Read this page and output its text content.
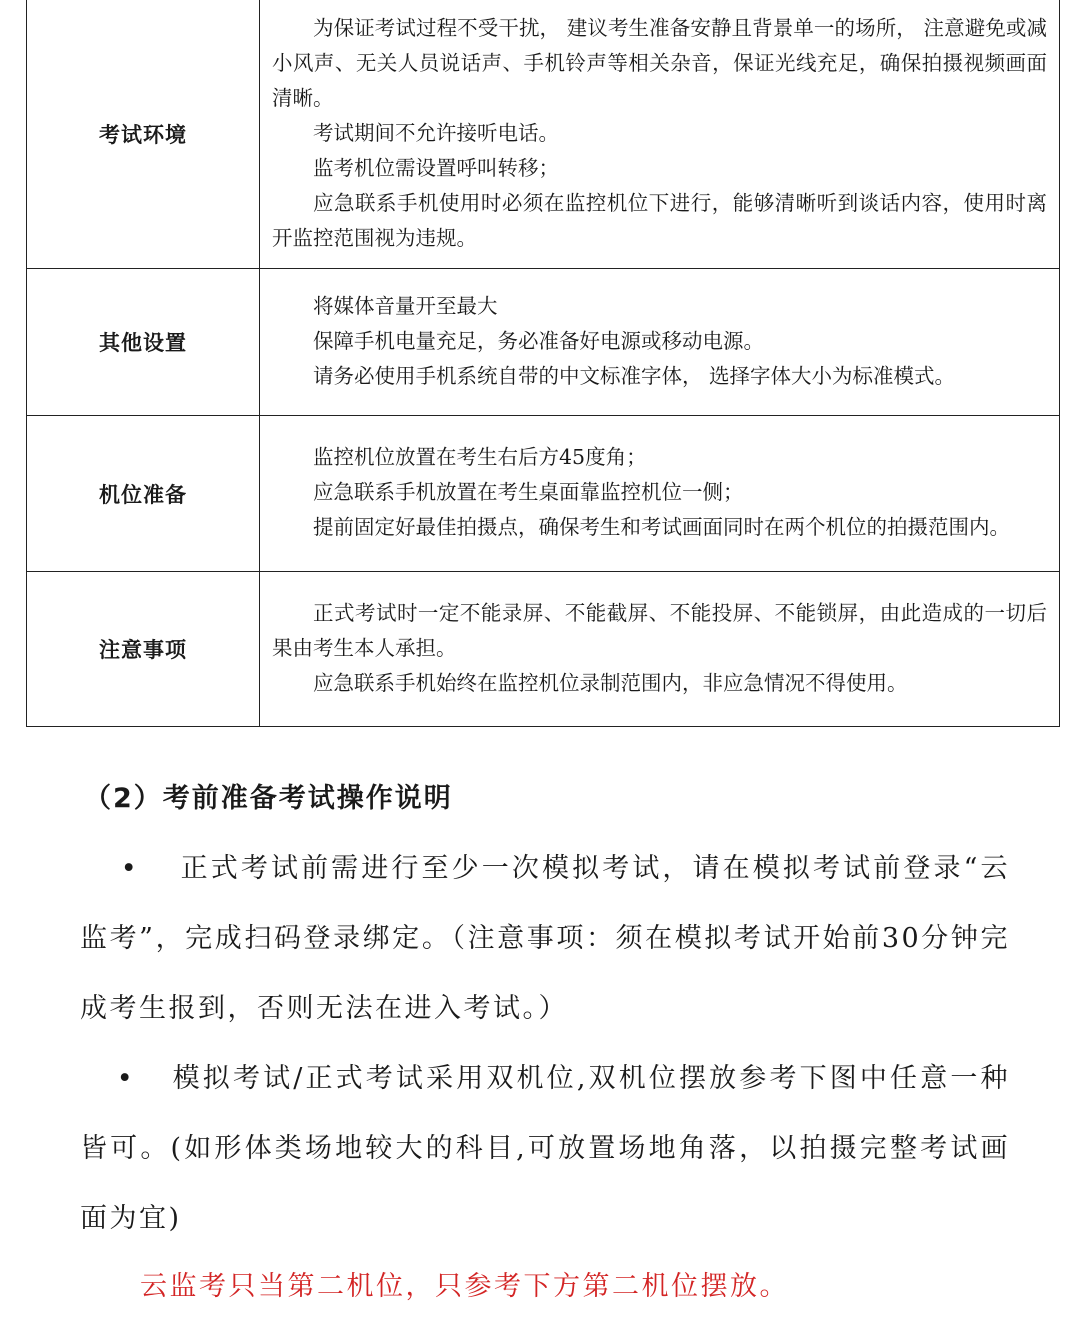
考试环境	为保证考试过程不受干扰， 建议考生准备安静且背景单一的场所， 注意避免或减小风声、无关人员说话声、手机铃声等相关杂音，保证光线充足，确保拍摄视频画面清晰。

考试期间不允许接听电话。

监考机位需设置呼叫转移；

应急联系手机使用时必须在监控机位下进行，能够清晰听到谈话内容，使用时离开监控范围视为违规。

其他设置	将媒体音量开至最大

保障手机电量充足，务必准备好电源或移动电源。

请务必使用手机系统自带的中文标准字体， 选择字体大小为标准模式。

机位准备	监控机位放置在考生右后方45度角；

应急联系手机放置在考生桌面靠监控机位一侧；

提前固定好最佳拍摄点，确保考生和考试画面同时在两个机位的拍摄范围内。

注意事项	正式考试时一定不能录屏、不能截屏、不能投屏、不能锁屏，由此造成的一切后果由考生本人承担。

应急联系手机始终在监控机位录制范围内，非应急情况不得使用。

（2）考前准备考试操作说明

• 正式考试前需进行至少一次模拟考试，请在模拟考试前登录“云监考”，完成扫码登录绑定。（注意事项：须在模拟考试开始前30分钟完成考生报到，否则无法在进入考试。）

• 模拟考试/正式考试采用双机位,双机位摆放参考下图中任意一种皆可。(如形体类场地较大的科目,可放置场地角落，以拍摄完整考试画面为宜)

云监考只当第二机位，只参考下方第二机位摆放。
